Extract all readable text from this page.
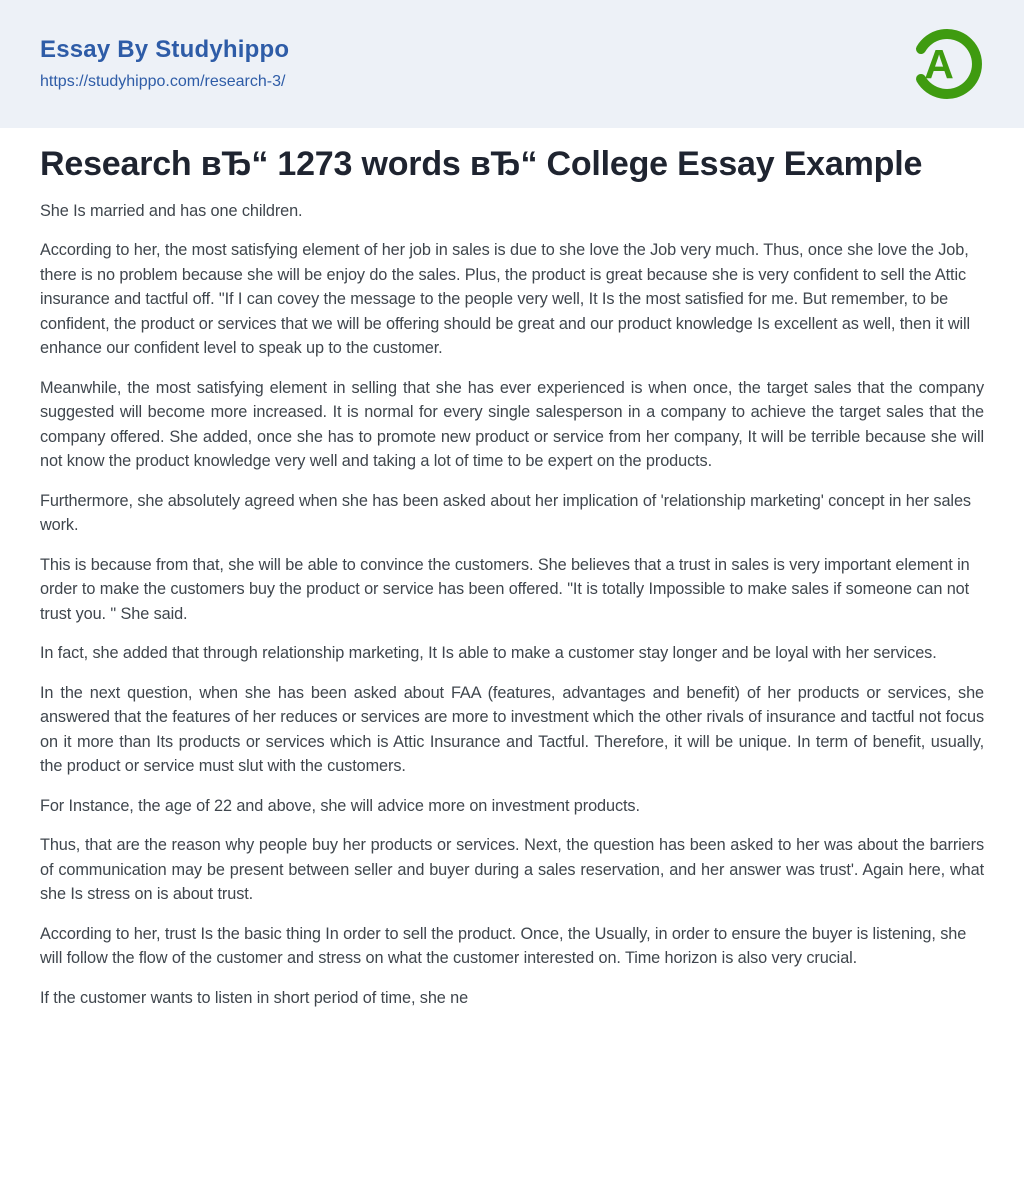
Essay By Studyhippo
https://studyhippo.com/research-3/	A
Research вЂ“ 1273 words вЂ“ College Essay Example

She Is married and has one children.

According to her, the most satisfying element of her job in sales is due to she love the Job very much. Thus, once she love the Job, there is no problem because she will be enjoy do the sales. Plus, the product is great because she is very confident to sell the Attic insurance and tactful off. "If I can covey the message to the people very well, It Is the most satisfied for me. But remember, to be confident, the product or services that we will be offering should be great and our product knowledge Is excellent as well, then it will enhance our confident level to speak up to the customer.

Meanwhile, the most satisfying element in selling that she has ever experienced is when once, the target sales that the company suggested will become more increased. It is normal for every single salesperson in a company to achieve the target sales that the company offered. She added, once she has to promote new product or service from her company, It will be terrible because she will not know the product knowledge very well and taking a lot of time to be expert on the products.

Furthermore, she absolutely agreed when she has been asked about her implication of 'relationship marketing' concept in her sales work.

This is because from that, she will be able to convince the customers. She believes that a trust in sales is very important element in order to make the customers buy the product or service has been offered. "It is totally Impossible to make sales if someone can not trust you. " She said.

In fact, she added that through relationship marketing, It Is able to make a customer stay longer and be loyal with her services.

In the next question, when she has been asked about FAA (features, advantages and benefit) of her products or services, she answered that the features of her reduces or services are more to investment which the other rivals of insurance and tactful not focus on it more than Its products or services which is Attic Insurance and Tactful. Therefore, it will be unique. In term of benefit, usually, the product or service must slut with the customers.

For Instance, the age of 22 and above, she will advice more on investment products.

Thus, that are the reason why people buy her products or services. Next, the question has been asked to her was about the barriers of communication may be present between seller and buyer during a sales reservation, and her answer was trust'. Again here, what she Is stress on is about trust.

According to her, trust Is the basic thing In order to sell the product. Once, the Usually, in order to ensure the buyer is listening, she will follow the flow of the customer and stress on what the customer interested on. Time horizon is also very crucial.

If the customer wants to listen in short period of time, she ne
